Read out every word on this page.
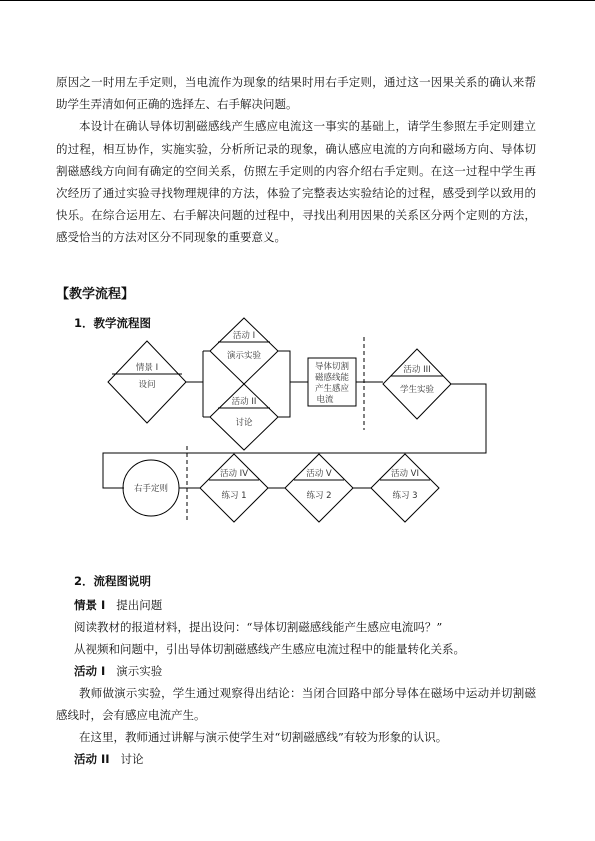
原因之一时用左手定则，当电流作为现象的结果时用右手定则，通过这一因果关系的确认来帮助学生弄清如何正确的选择左、右手解决问题。

本设计在确认导体切割磁感线产生感应电流这一事实的基础上，请学生参照左手定则建立的过程，相互协作，实施实验，分析所记录的现象，确认感应电流的方向和磁场方向、导体切割磁感线方向间有确定的空间关系，仿照左手定则的内容介绍右手定则。在这一过程中学生再次经历了通过实验寻找物理规律的方法，体验了完整表达实验结论的过程，感受到学以致用的快乐。在综合运用左、右手解决问题的过程中，寻找出利用因果的关系区分两个定则的方法，感受恰当的方法对区分不同现象的重要意义。

【教学流程】
1．教学流程图
情景 I
设问
活动 I
演示实验
活动 II
讨论
导体切割
磁感线能
产生感应
电流
活动 III
学生实验
右手定则
活动 IV
练习 1
活动 V
练习 2
活动 VI
练习 3
2．流程图说明
情景 I 提出问题
阅读教材的报道材料，提出设问：“导体切割磁感线能产生感应电流吗？”
从视频和问题中，引出导体切割磁感线产生感应电流过程中的能量转化关系。
活动 I 演示实验

教师做演示实验，学生通过观察得出结论：当闭合回路中部分导体在磁场中运动并切割磁感线时，会有感应电流产生。

在这里，教师通过讲解与演示使学生对“切割磁感线”有较为形象的认识。

活动 II 讨论
